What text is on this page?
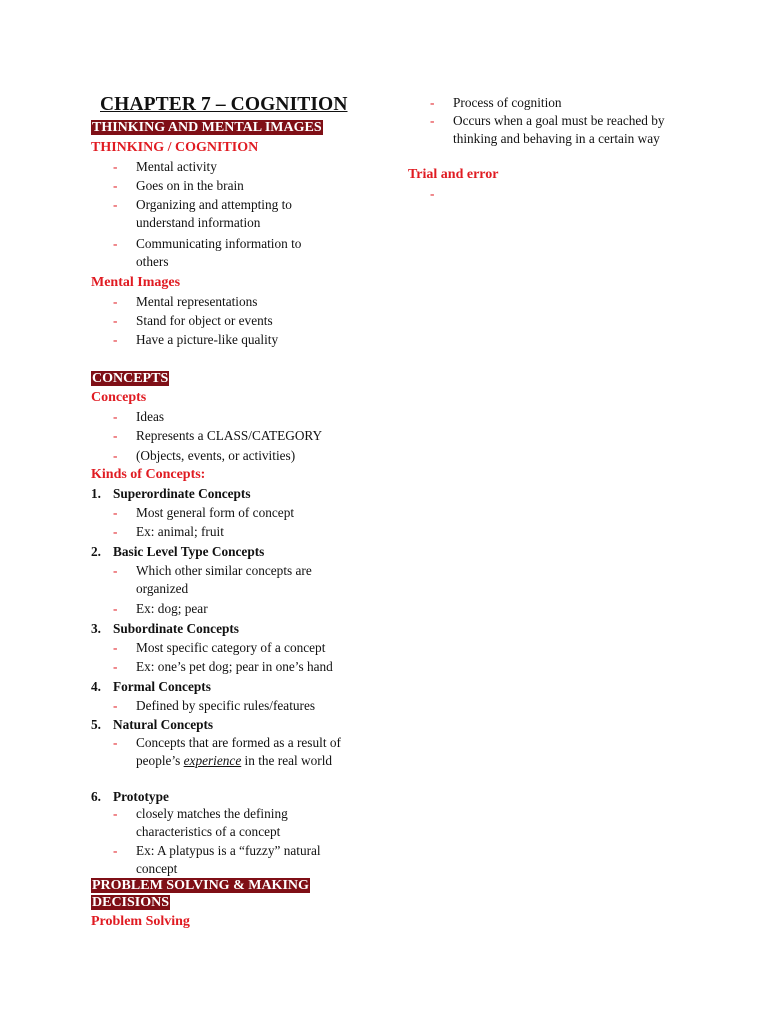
CHAPTER 7 – COGNITION
THINKING AND MENTAL IMAGES
THINKING / COGNITION
- Mental activity
- Goes on in the brain
- Organizing and attempting to understand information
- Communicating information to others
Mental Images
- Mental representations
- Stand for object or events
- Have a picture-like quality
CONCEPTS
Concepts
- Ideas
- Represents a CLASS/CATEGORY
- (Objects, events, or activities)
Kinds of Concepts:
1. Superordinate Concepts
- Most general form of concept
- Ex: animal; fruit
2. Basic Level Type Concepts
- Which other similar concepts are organized
- Ex: dog; pear
3. Subordinate Concepts
- Most specific category of a concept
- Ex: one’s pet dog; pear in one’s hand
4. Formal Concepts
- Defined by specific rules/features
5. Natural Concepts
- Concepts that are formed as a result of people’s experience in the real world
6. Prototype
- closely matches the defining characteristics of a concept
- Ex: A platypus is a “fuzzy” natural concept
PROBLEM SOLVING & MAKING
DECISIONS
Problem Solving
- Process of cognition
- Occurs when a goal must be reached by thinking and behaving in a certain way
Trial and error
-
